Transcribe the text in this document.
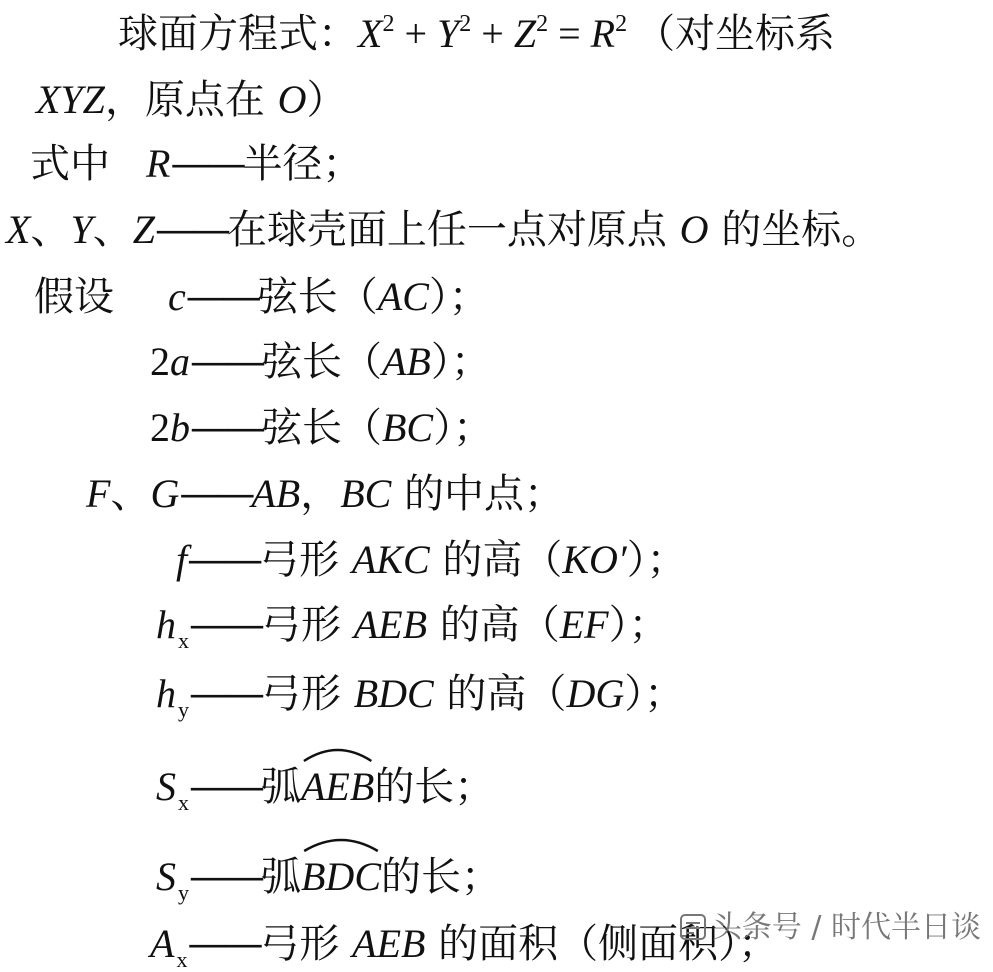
球面方程式：$X^2 + Y^2 + Z^2 = R^2$ （对坐标系
XYZ，原点在 O）
式中 R——半径；
X、Y、Z——在球壳面上任一点对原点 O 的坐标。
假设 c——弦长（AC）；
2a——弦长（AB）；
2b——弦长（BC）；
F、G——AB，BC 的中点；
f——弓形 AKC 的高（KO′）；
$h_x——$弓形 AEB 的高（EF）；
$h_y——$弓形 BDC 的高（DG）；
$S_x——$弧
AEB的长；
$S_y——$弧
BDC的长；
$A_x——$弓形 AEB 的面积（侧面积）；
头条号 / 时代半日谈
